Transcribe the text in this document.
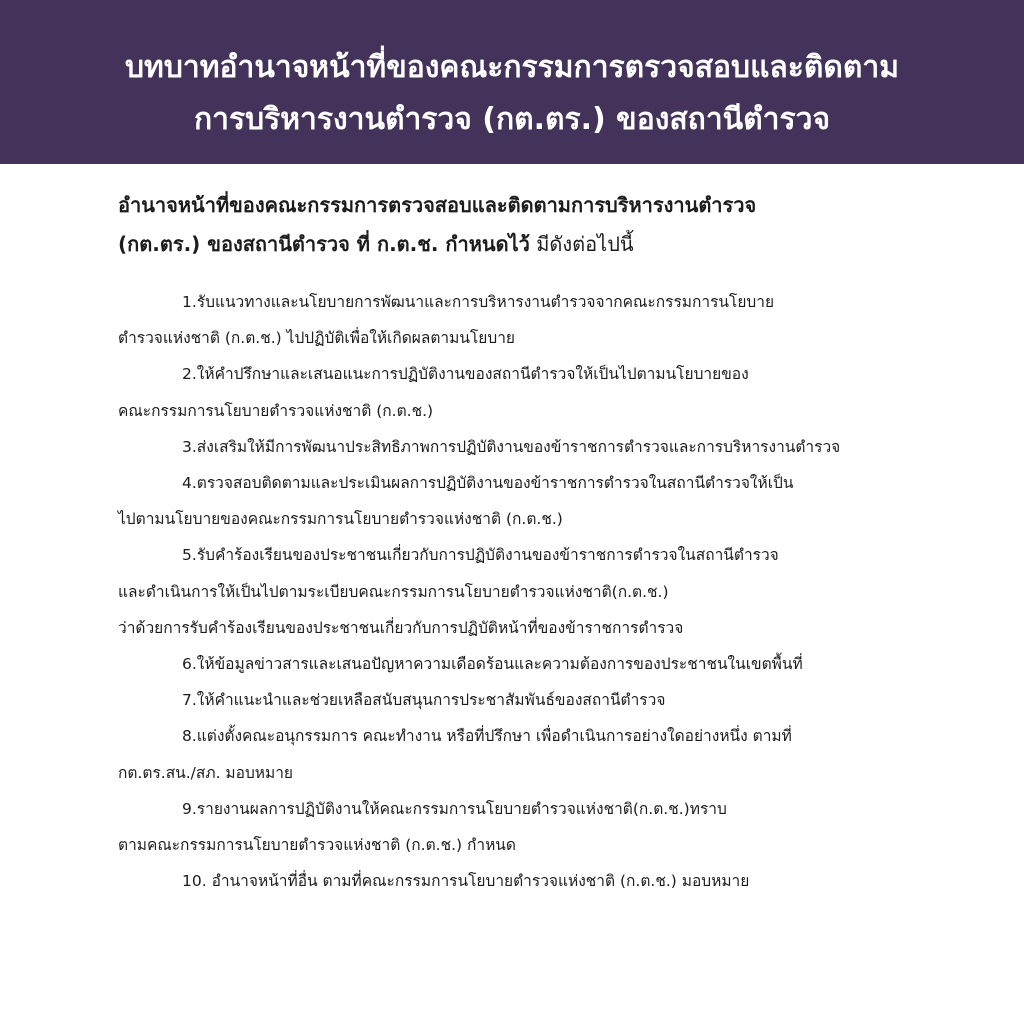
บทบาทอำนาจหน้าที่ของคณะกรรมการตรวจสอบและติดตาม
การบริหารงานตำรวจ (กต.ตร.) ของสถานีตำรวจ

อำนาจหน้าที่ของคณะกรรมการตรวจสอบและติดตามการบริหารงานตำรวจ
(กต.ตร.) ของสถานีตำรวจ ที่ ก.ต.ช. กำหนดไว้ มีดังต่อไปนี้

1.รับแนวทางและนโยบายการพัฒนาและการบริหารงานตำรวจจากคณะกรรมการนโยบาย
ตำรวจแห่งชาติ (ก.ต.ช.) ไปปฏิบัติเพื่อให้เกิดผลตามนโยบาย

2.ให้คำปรึกษาและเสนอแนะการปฏิบัติงานของสถานีตำรวจให้เป็นไปตามนโยบายของ
คณะกรรมการนโยบายตำรวจแห่งชาติ (ก.ต.ช.)

3.ส่งเสริมให้มีการพัฒนาประสิทธิภาพการปฏิบัติงานของข้าราชการตำรวจและการบริหารงานตำรวจ

4.ตรวจสอบติดตามและประเมินผลการปฏิบัติงานของข้าราชการตำรวจในสถานีตำรวจให้เป็น
ไปตามนโยบายของคณะกรรมการนโยบายตำรวจแห่งชาติ (ก.ต.ช.)

5.รับคำร้องเรียนของประชาชนเกี่ยวกับการปฏิบัติงานของข้าราชการตำรวจในสถานีตำรวจ
และดำเนินการให้เป็นไปตามระเบียบคณะกรรมการนโยบายตำรวจแห่งชาติ(ก.ต.ช.)
ว่าด้วยการรับคำร้องเรียนของประชาชนเกี่ยวกับการปฏิบัติหน้าที่ของข้าราชการตำรวจ

6.ให้ข้อมูลข่าวสารและเสนอปัญหาความเดือดร้อนและความต้องการของประชาชนในเขตพื้นที่

7.ให้คำแนะนำและช่วยเหลือสนับสนุนการประชาสัมพันธ์ของสถานีตำรวจ

8.แต่งตั้งคณะอนุกรรมการ คณะทำงาน หรือที่ปรึกษา เพื่อดำเนินการอย่างใดอย่างหนึ่ง ตามที่
กต.ตร.สน./สภ. มอบหมาย

9.รายงานผลการปฏิบัติงานให้คณะกรรมการนโยบายตำรวจแห่งชาติ(ก.ต.ช.)ทราบ
ตามคณะกรรมการนโยบายตำรวจแห่งชาติ (ก.ต.ช.) กำหนด

10. อำนาจหน้าที่อื่น ตามที่คณะกรรมการนโยบายตำรวจแห่งชาติ (ก.ต.ช.) มอบหมาย
